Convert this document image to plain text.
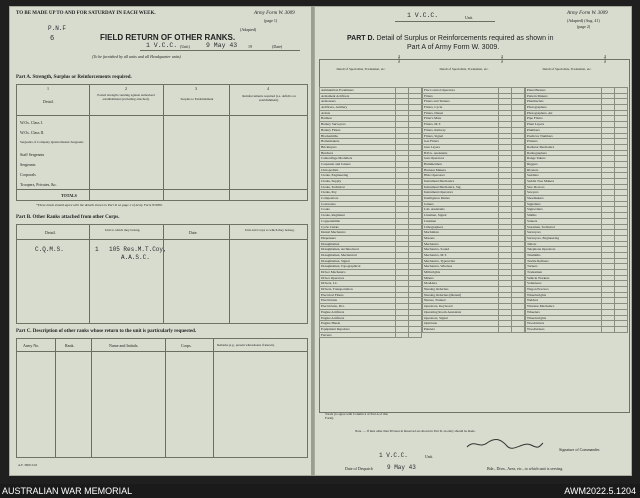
TO BE MADE UP TO AND FOR SATURDAY IN EACH WEEK.	Army Form W. 3009
(page 1)
P.N.F
6	FIELD RETURN OF OTHER RANKS.
(Adapted)
1 V.C.C. (Unit) 9 May 43	19	(Date)
(To be furnished by all units and all Headquarter units)
Part A. Strength, Surplus or Reinforcements required.
1	2	3	4
Detail.
Posted strength counting against authorised establishment (excluding attached).	Surplus to Establishment
Reinforcements required (i.e. deficits on establishment).
W.Os. Class I.
W.Os. Class II.
Sergeants of Company Quartermaster-Sergeants
Staff Sergeants
Sergeants
Corporals
Troopers, Privates, &c.
TOTALS
*These totals should agree with the details shown in Part D on page 2 of Army Form W3009.
Part B. Other Ranks attached from other Corps.
Detail.	Unit to which they belong.	Date.	Unit and Corps to which they belong.
C.Q.M.S.	1 105 Res.M.T.Coy,
A.A.S.C.
Part C. Description of other ranks whose return to the unit is particularly requested.
Army No.	Rank.	Name and Initials.	Corps.	Remarks (e.g., present whereabouts if known).
A.F. 3009 2/43
Detail of Specialists, Tradesmen, etc.
Surplus
Detail of Specialists, Tradesmen, etc.
Surplus
Detail of Specialists, Tradesmen, etc.
Surplus
1 V.C.C.	Unit.
Army Form W. 3009
(Adapted) (Aug. 41)
(page 2)
PART D. Detail of Surplus or Reinforcements required as shown in
Part A of Army Form W. 3009.
Ammunition Examiners		
Armament Artificers		
Armourers		
Artificers, Artillery		
Artists		
Batmen		
Battery Surveyors		
Battery Fitters		
Blacksmiths		
Boilermakers		
Bricklayers		
Butchers		
Camouflage Modellers		
Carpenter and Joiners		
Chiropodists		
Clerks, Engineering		
Clerks, Supply		
Clerks, Technical		
Clerks, Pay		
Compositors		
Concreters		
Cooks		
Clerks, Regiment		
Coppersmiths		
Cycle Clerks		
Dental Mechanics		
Dispensers		
Draughtsmen		
Draughtsmen, Architectural		
Draughtsmen, Mechanical		
Draughtsmen, Signal		
Draughtsmen, Topographical		
Driver Mechanics		
Driver Operators		
Drivers, I.C.		
Drivers, Transportation		
Electrical Fitters		
Electricians		
Electricians, Dvr.		
Engine Artificers		
Engine Artificers		
Engine Hands		
Equipment Repairers		
Farriers		
Fire Control Operators		
Fitters		
Fitters and Turners		
Fitters, Cycle		
Fitters, Diesel		
Fitter's Mate		
Fitters, M.T.		
Fitters, Railway		
Fitters, Signal		
Gas Fitters		
Gun Layers		
H.P.G. Assistants		
Gun Operators		
Hammermen		
Harness Makers		
Hide Operators		
Instrument Mechanics		
Instrument Mechanics, Sig.		
Instrument Operators		
Intelligence Duties		
Joiners		
Lab. Assistants		
Linemen, Signal		
Linemen		
Lithographers		
Machinists		
Masons		
Mechanics		
Mechanics, Sound		
Mechanics, M.T.		
Mechanics, Typewriter		
Mechanics, Wireless		
Millwrights		
Miners		
Moulders		
Nursing Orderlies		
Nursing Orderlies (Mental)		
Nurses, Trained		
Operators, Keyboard		
Operating Room Assistants		
Operators, Signal		
Opticians		
Painters		
Panel Beaters		
Pattern Makers		
Pharmacists		
Photographers		
Photographers, Air		
Pipe Fitters		
Plant Layers		
Plumbers		
Predictor Numbers		
Printers		
Radiator Mechanics		
Radiographers		
Range Takers		
Riggers		
Riveters		
Saddlers		
Saddle Tree Makers		
Saw Doctors		
Sawyers		
Shoemakers		
Signallers		
Signwriters		
Smiths		
Stokers		
Storemen, Technical		
Surveyors		
Surveyors, Engineering		
Tailors		
Telephone Operators		
Tinsmiths		
Textile Refiners		
Turners		
Tradesmen		
Vehicle Workers		
Volunteers		
Wagon Erectors		
Wheelwrights		
Welders		
Wireless Mechanics		
Wheelers		
Wheelwrights		
Woodcutters		
Woodturners		
Totals (to agree with Column 4 of Part A of this Form).
Note. — If men other than Privates in Reserved are shown in Part D, an entry should be made.
Signature of Commander.
1 V.C.C.	Unit.
Date of Despatch 9 May 43	Bde., Divn., Area, etc., to which unit is serving.
AUSTRALIAN WAR MEMORIAL	AWM2022.5.1204
